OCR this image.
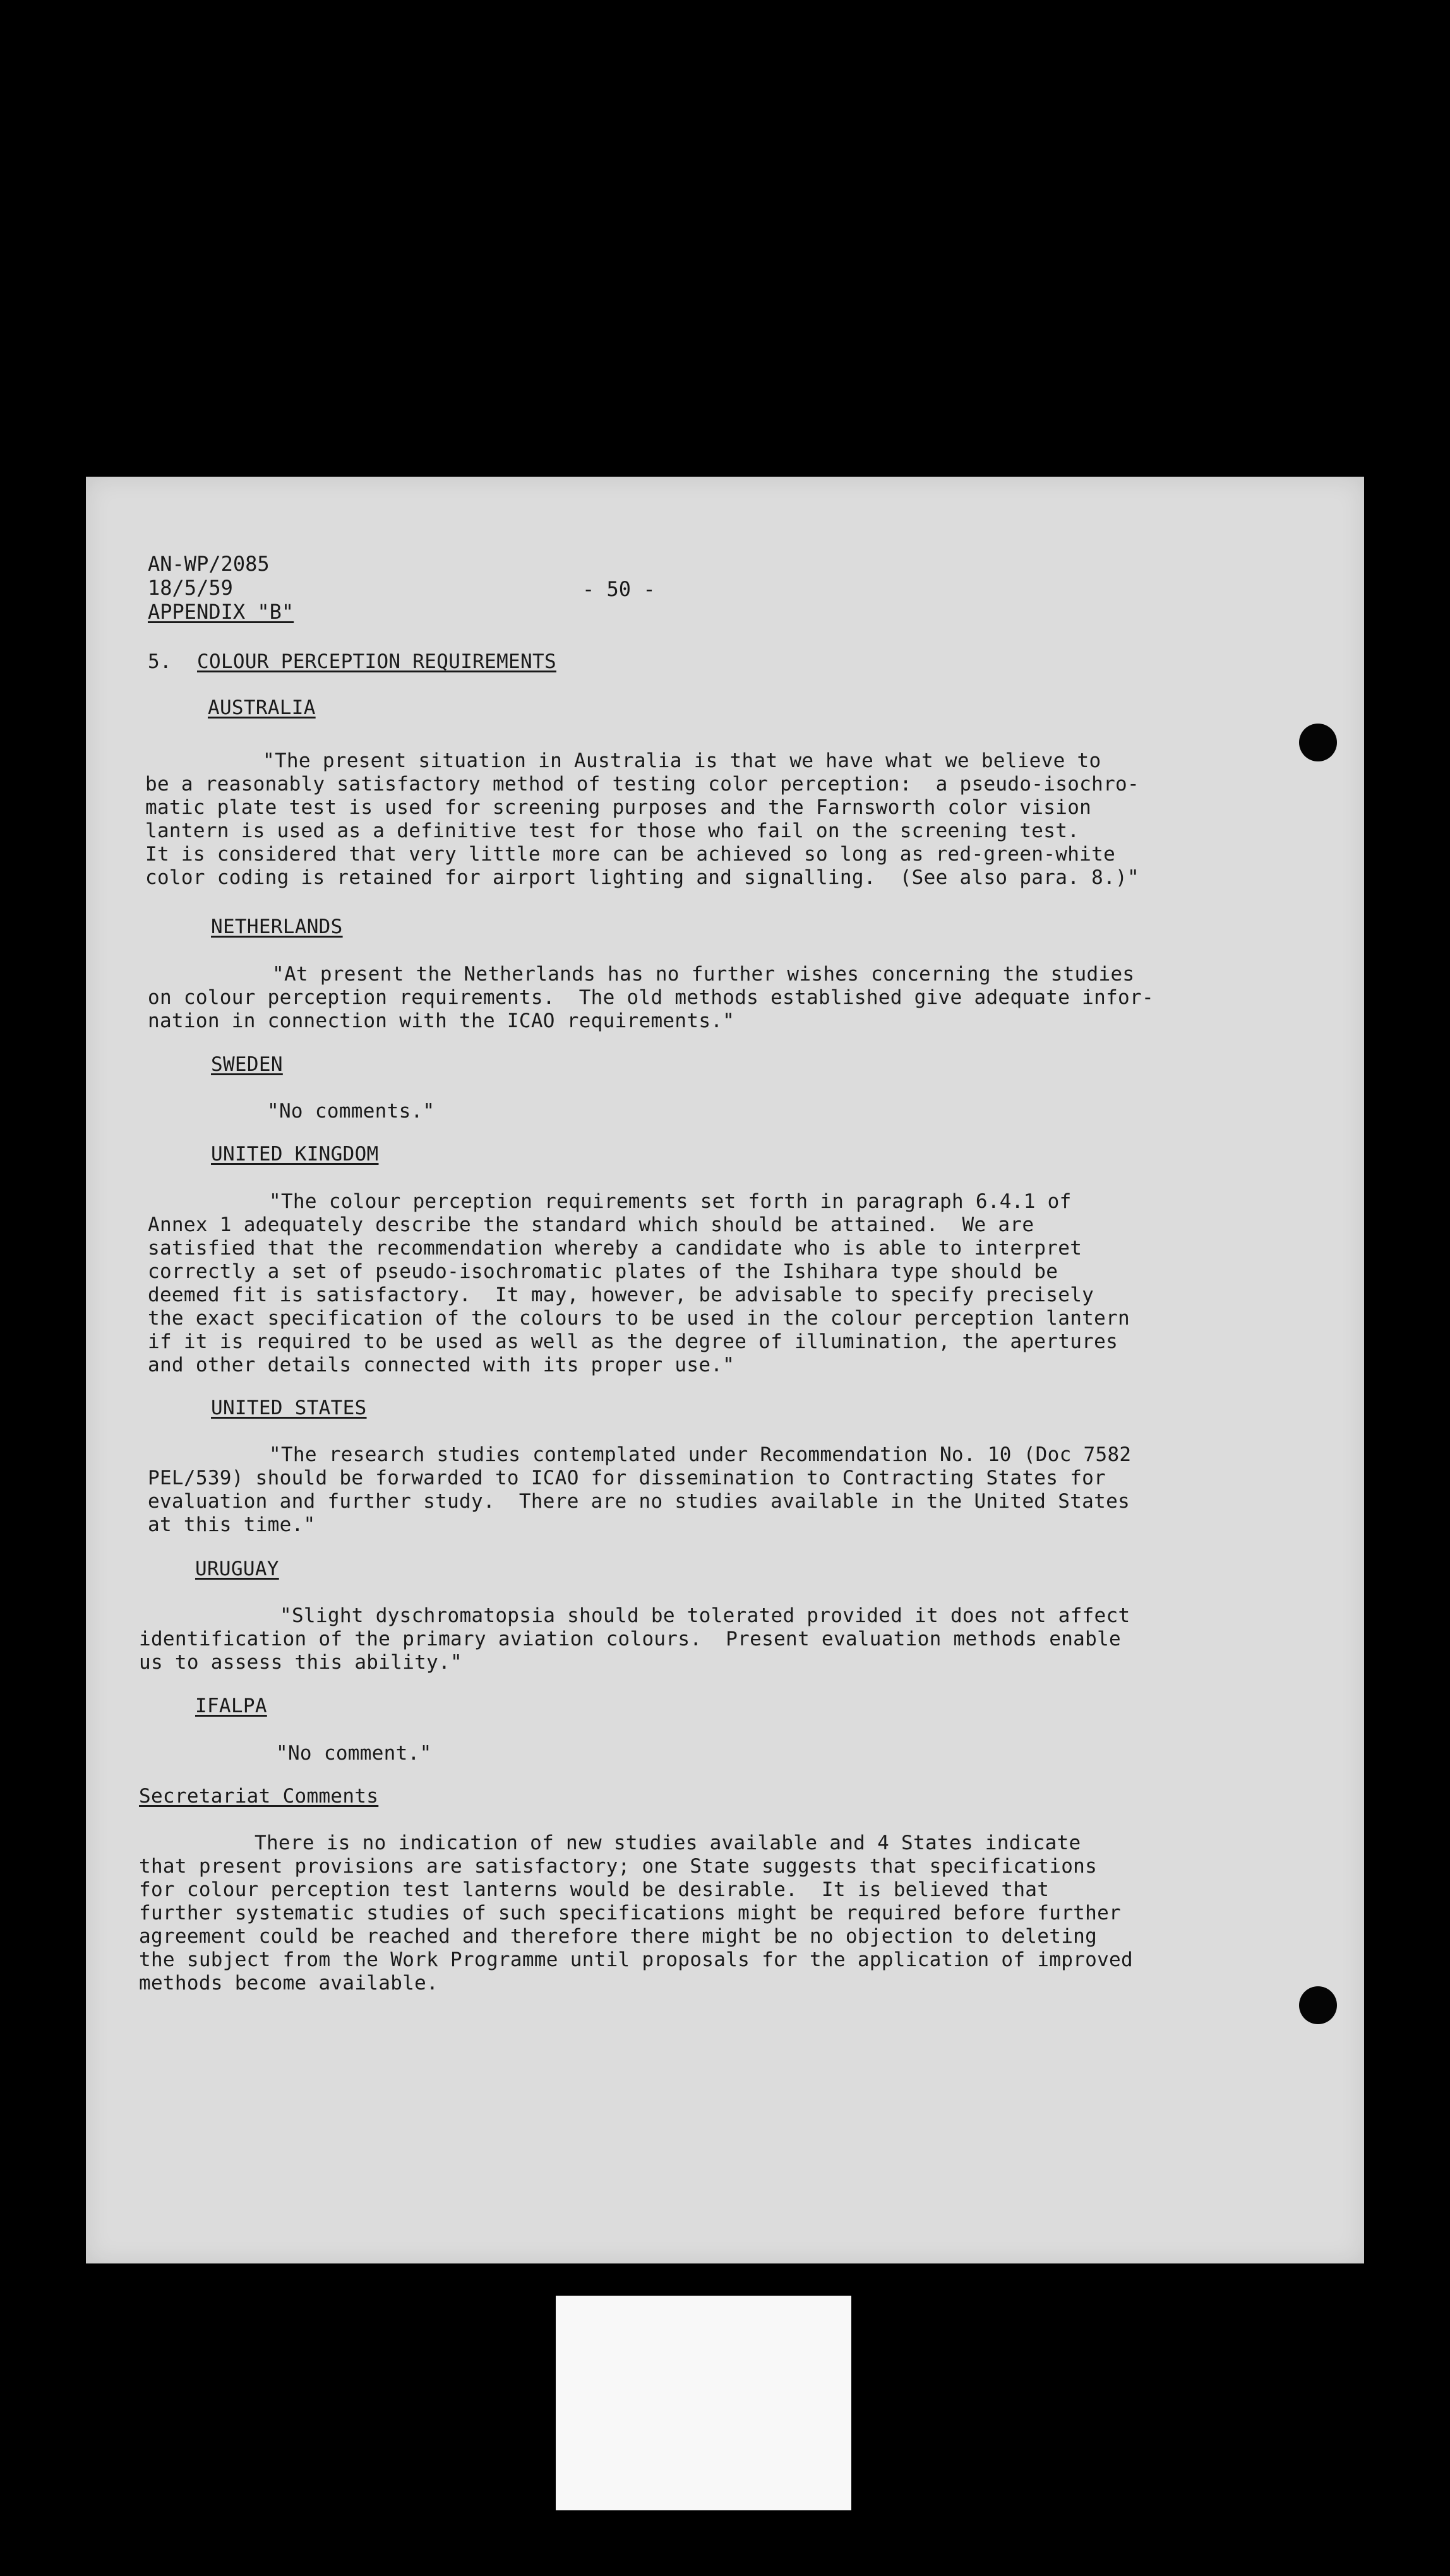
AN-WP/2085
18/5/59
APPENDIX "B"
- 50 -
5. COLOUR PERCEPTION REQUIREMENTS
AUSTRALIA
"The present situation in Australia is that we have what we believe to
be a reasonably satisfactory method of testing color perception:  a pseudo-isochro-
matic plate test is used for screening purposes and the Farnsworth color vision
lantern is used as a definitive test for those who fail on the screening test.
It is considered that very little more can be achieved so long as red-green-white
color coding is retained for airport lighting and signalling.  (See also para. 8.)"
NETHERLANDS
"At present the Netherlands has no further wishes concerning the studies
on colour perception requirements.  The old methods established give adequate infor-
nation in connection with the ICAO requirements."
SWEDEN
"No comments."
UNITED KINGDOM
"The colour perception requirements set forth in paragraph 6.4.1 of
Annex 1 adequately describe the standard which should be attained.  We are
satisfied that the recommendation whereby a candidate who is able to interpret
correctly a set of pseudo-isochromatic plates of the Ishihara type should be
deemed fit is satisfactory.  It may, however, be advisable to specify precisely
the exact specification of the colours to be used in the colour perception lantern
if it is required to be used as well as the degree of illumination, the apertures
and other details connected with its proper use."
UNITED STATES
"The research studies contemplated under Recommendation No. 10 (Doc 7582
PEL/539) should be forwarded to ICAO for dissemination to Contracting States for
evaluation and further study.  There are no studies available in the United States
at this time."
URUGUAY
"Slight dyschromatopsia should be tolerated provided it does not affect
identification of the primary aviation colours.  Present evaluation methods enable
us to assess this ability."
IFALPA
"No comment."
Secretariat Comments
There is no indication of new studies available and 4 States indicate
that present provisions are satisfactory; one State suggests that specifications
for colour perception test lanterns would be desirable.  It is believed that
further systematic studies of such specifications might be required before further
agreement could be reached and therefore there might be no objection to deleting
the subject from the Work Programme until proposals for the application of improved
methods become available.
